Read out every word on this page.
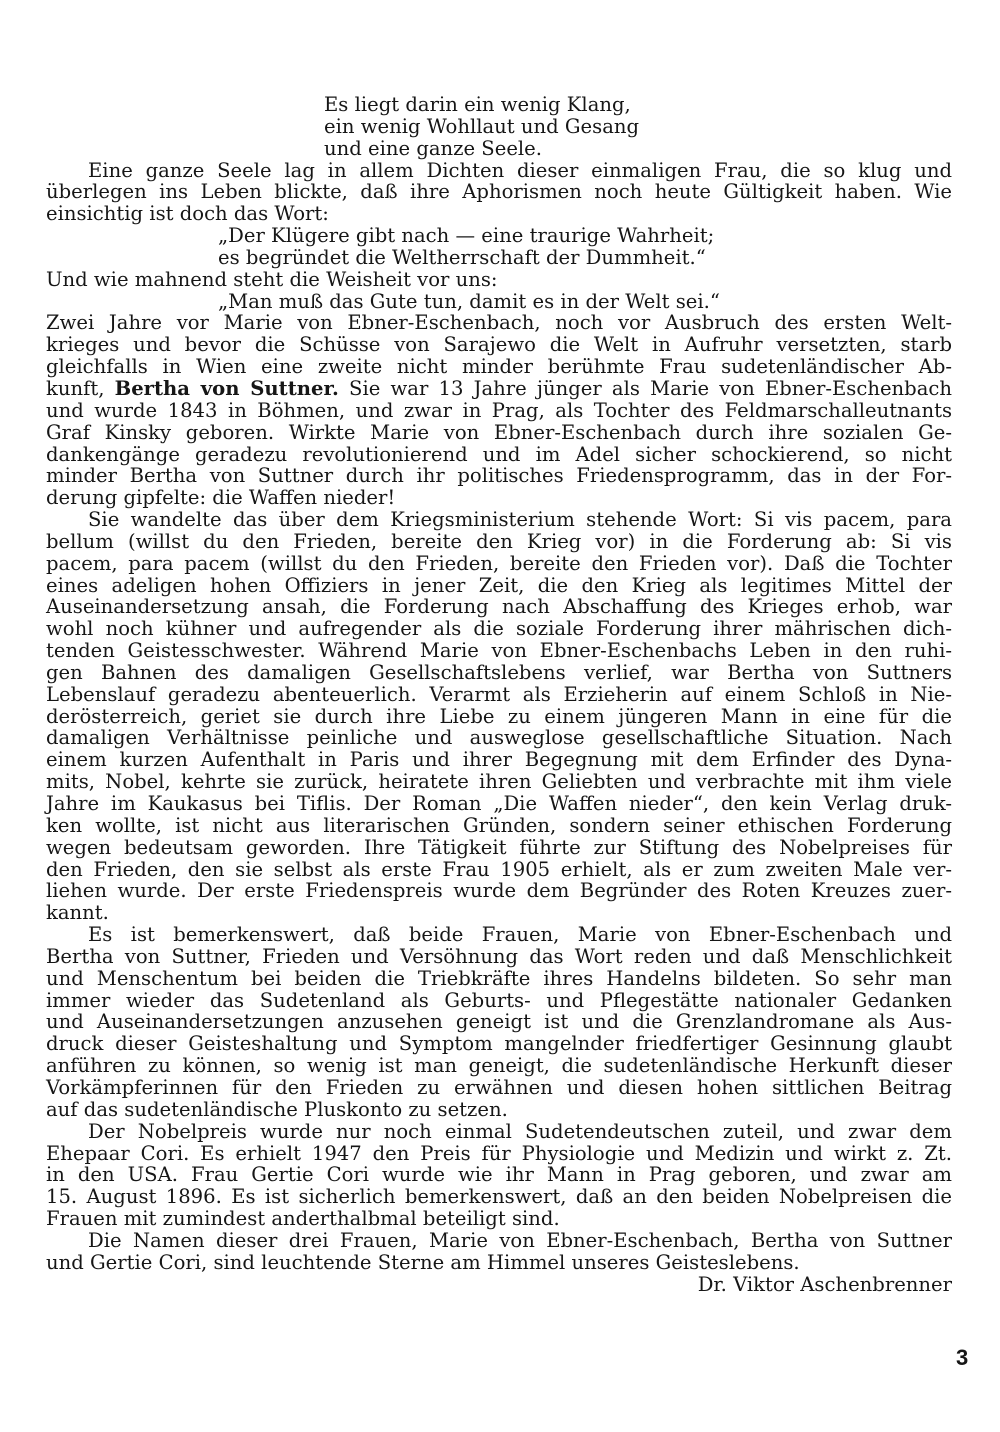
Es liegt darin ein wenig Klang,
ein wenig Wohllaut und Gesang
und eine ganze Seele.
Eine ganze Seele lag in allem Dichten dieser einmaligen Frau, die so klug und
überlegen ins Leben blickte, daß ihre Aphorismen noch heute Gültigkeit haben. Wie
einsichtig ist doch das Wort:
„Der Klügere gibt nach — eine traurige Wahrheit;
es begründet die Weltherrschaft der Dummheit.“
Und wie mahnend steht die Weisheit vor uns:
„Man muß das Gute tun, damit es in der Welt sei.“
Zwei Jahre vor Marie von Ebner-Eschenbach, noch vor Ausbruch des ersten Welt-
krieges und bevor die Schüsse von Sarajewo die Welt in Aufruhr versetzten, starb
gleichfalls in Wien eine zweite nicht minder berühmte Frau sudetenländischer Ab-
kunft, Bertha von Suttner. Sie war 13 Jahre jünger als Marie von Ebner-Eschenbach
und wurde 1843 in Böhmen, und zwar in Prag, als Tochter des Feldmarschalleutnants
Graf Kinsky geboren. Wirkte Marie von Ebner-Eschenbach durch ihre sozialen Ge-
dankengänge geradezu revolutionierend und im Adel sicher schockierend, so nicht
minder Bertha von Suttner durch ihr politisches Friedensprogramm, das in der For-
derung gipfelte: die Waffen nieder!
Sie wandelte das über dem Kriegsministerium stehende Wort: Si vis pacem, para
bellum (willst du den Frieden, bereite den Krieg vor) in die Forderung ab: Si vis
pacem, para pacem (willst du den Frieden, bereite den Frieden vor). Daß die Tochter
eines adeligen hohen Offiziers in jener Zeit, die den Krieg als legitimes Mittel der
Auseinandersetzung ansah, die Forderung nach Abschaffung des Krieges erhob, war
wohl noch kühner und aufregender als die soziale Forderung ihrer mährischen dich-
tenden Geistesschwester. Während Marie von Ebner-Eschenbachs Leben in den ruhi-
gen Bahnen des damaligen Gesellschaftslebens verlief, war Bertha von Suttners
Lebenslauf geradezu abenteuerlich. Verarmt als Erzieherin auf einem Schloß in Nie-
derösterreich, geriet sie durch ihre Liebe zu einem jüngeren Mann in eine für die
damaligen Verhältnisse peinliche und ausweglose gesellschaftliche Situation. Nach
einem kurzen Aufenthalt in Paris und ihrer Begegnung mit dem Erfinder des Dyna-
mits, Nobel, kehrte sie zurück, heiratete ihren Geliebten und verbrachte mit ihm viele
Jahre im Kaukasus bei Tiflis. Der Roman „Die Waffen nieder“, den kein Verlag druk-
ken wollte, ist nicht aus literarischen Gründen, sondern seiner ethischen Forderung
wegen bedeutsam geworden. Ihre Tätigkeit führte zur Stiftung des Nobelpreises für
den Frieden, den sie selbst als erste Frau 1905 erhielt, als er zum zweiten Male ver-
liehen wurde. Der erste Friedenspreis wurde dem Begründer des Roten Kreuzes zuer-
kannt.
Es ist bemerkenswert, daß beide Frauen, Marie von Ebner-Eschenbach und
Bertha von Suttner, Frieden und Versöhnung das Wort reden und daß Menschlichkeit
und Menschentum bei beiden die Triebkräfte ihres Handelns bildeten. So sehr man
immer wieder das Sudetenland als Geburts- und Pflegestätte nationaler Gedanken
und Auseinandersetzungen anzusehen geneigt ist und die Grenzlandromane als Aus-
druck dieser Geisteshaltung und Symptom mangelnder friedfertiger Gesinnung glaubt
anführen zu können, so wenig ist man geneigt, die sudetenländische Herkunft dieser
Vorkämpferinnen für den Frieden zu erwähnen und diesen hohen sittlichen Beitrag
auf das sudetenländische Pluskonto zu setzen.
Der Nobelpreis wurde nur noch einmal Sudetendeutschen zuteil, und zwar dem
Ehepaar Cori. Es erhielt 1947 den Preis für Physiologie und Medizin und wirkt z. Zt.
in den USA. Frau Gertie Cori wurde wie ihr Mann in Prag geboren, und zwar am
15. August 1896. Es ist sicherlich bemerkenswert, daß an den beiden Nobelpreisen die
Frauen mit zumindest anderthalbmal beteiligt sind.
Die Namen dieser drei Frauen, Marie von Ebner-Eschenbach, Bertha von Suttner
und Gertie Cori, sind leuchtende Sterne am Himmel unseres Geisteslebens.
Dr. Viktor Aschenbrenner
3
